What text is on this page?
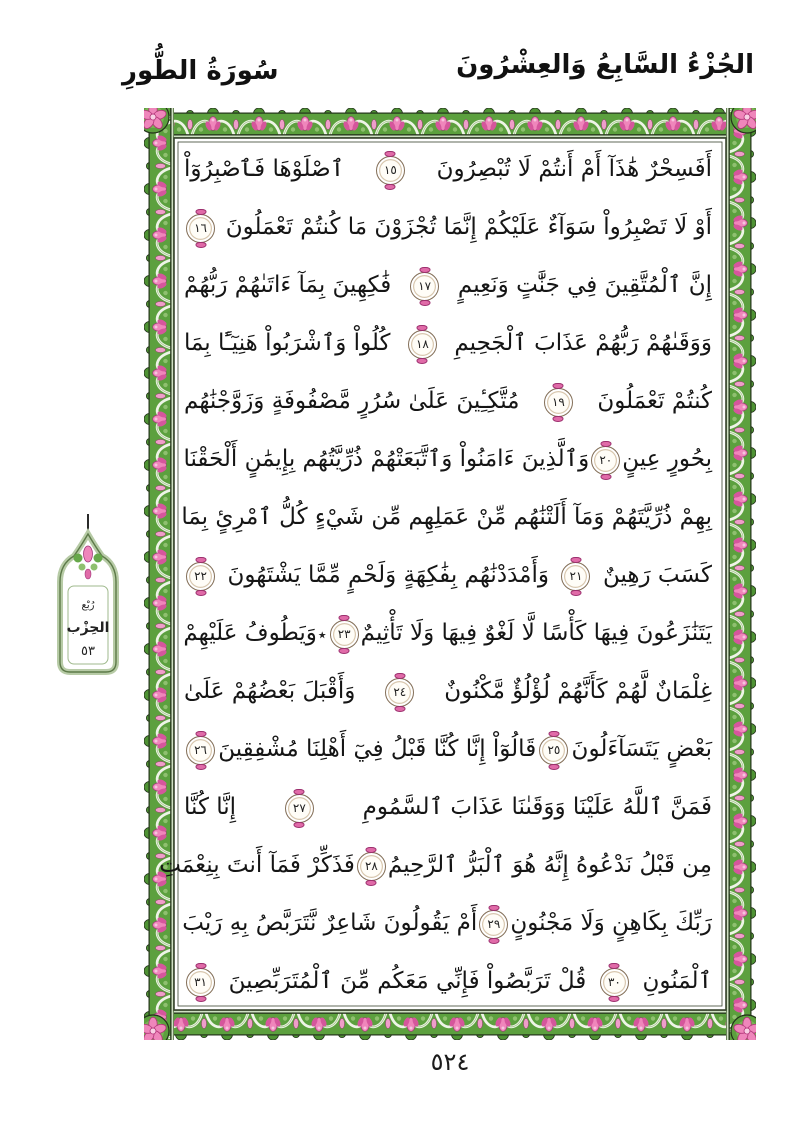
الجُزْءُ السَّابِعُ وَالعِشْرُونَ
سُورَةُ الطُّورِ
أَفَسِحْرٌ هَٰذَآ أَمْ أَنتُمْ لَا تُبْصِرُونَ
١٥
ٱصْلَوْهَا فَٱصْبِرُوٓاْ
أَوْ لَا تَصْبِرُواْ سَوَآءٌ عَلَيْكُمْ إِنَّمَا تُجْزَوْنَ مَا كُنتُمْ تَعْمَلُونَ
١٦
إِنَّ ٱلْمُتَّقِينَ فِي جَنَّٰتٍ وَنَعِيمٍ
١٧
فَٰكِهِينَ بِمَآ ءَاتَىٰهُمْ رَبُّهُمْ
وَوَقَىٰهُمْ رَبُّهُمْ عَذَابَ ٱلْجَحِيمِ
١٨
كُلُواْ وَٱشْرَبُواْ هَنِيٓـًٔا بِمَا
كُنتُمْ تَعْمَلُونَ
١٩
مُتَّكِـِٔينَ عَلَىٰ سُرُرٍ مَّصْفُوفَةٍ وَزَوَّجْنَٰهُم
بِحُورٍ عِينٍ
٢٠
وَٱلَّذِينَ ءَامَنُواْ وَٱتَّبَعَتْهُمْ ذُرِّيَّتُهُم بِإِيمَٰنٍ أَلْحَقْنَا
بِهِمْ ذُرِّيَّتَهُمْ وَمَآ أَلَتْنَٰهُم مِّنْ عَمَلِهِم مِّن شَيْءٍ كُلُّ ٱمْرِئٍ بِمَا
كَسَبَ رَهِينٌ
٢١
وَأَمْدَدْنَٰهُم بِفَٰكِهَةٍ وَلَحْمٍ مِّمَّا يَشْتَهُونَ
٢٢
يَتَنَٰزَعُونَ فِيهَا كَأْسًا لَّا لَغْوٌ فِيهَا وَلَا تَأْثِيمٌ
٢٣
٭
وَيَطُوفُ عَلَيْهِمْ
غِلْمَانٌ لَّهُمْ كَأَنَّهُمْ لُؤْلُؤٌ مَّكْنُونٌ
٢٤
وَأَقْبَلَ بَعْضُهُمْ عَلَىٰ
بَعْضٍ يَتَسَآءَلُونَ
٢٥
قَالُوٓاْ إِنَّا كُنَّا قَبْلُ فِيٓ أَهْلِنَا مُشْفِقِينَ
٢٦
فَمَنَّ ٱللَّهُ عَلَيْنَا وَوَقَىٰنَا عَذَابَ ٱلسَّمُومِ
٢٧
إِنَّا كُنَّا
مِن قَبْلُ نَدْعُوهُ إِنَّهُ هُوَ ٱلْبَرُّ ٱلرَّحِيمُ
٢٨
فَذَكِّرْ فَمَآ أَنتَ بِنِعْمَتِ
رَبِّكَ بِكَاهِنٍ وَلَا مَجْنُونٍ
٢٩
أَمْ يَقُولُونَ شَاعِرٌ نَّتَرَبَّصُ بِهِ رَيْبَ
ٱلْمَنُونِ
٣٠
قُلْ تَرَبَّصُواْ فَإِنِّي مَعَكُم مِّنَ ٱلْمُتَرَبِّصِينَ
٣١
رُبْع
الحِزْب
٥٣
٥٢٤
